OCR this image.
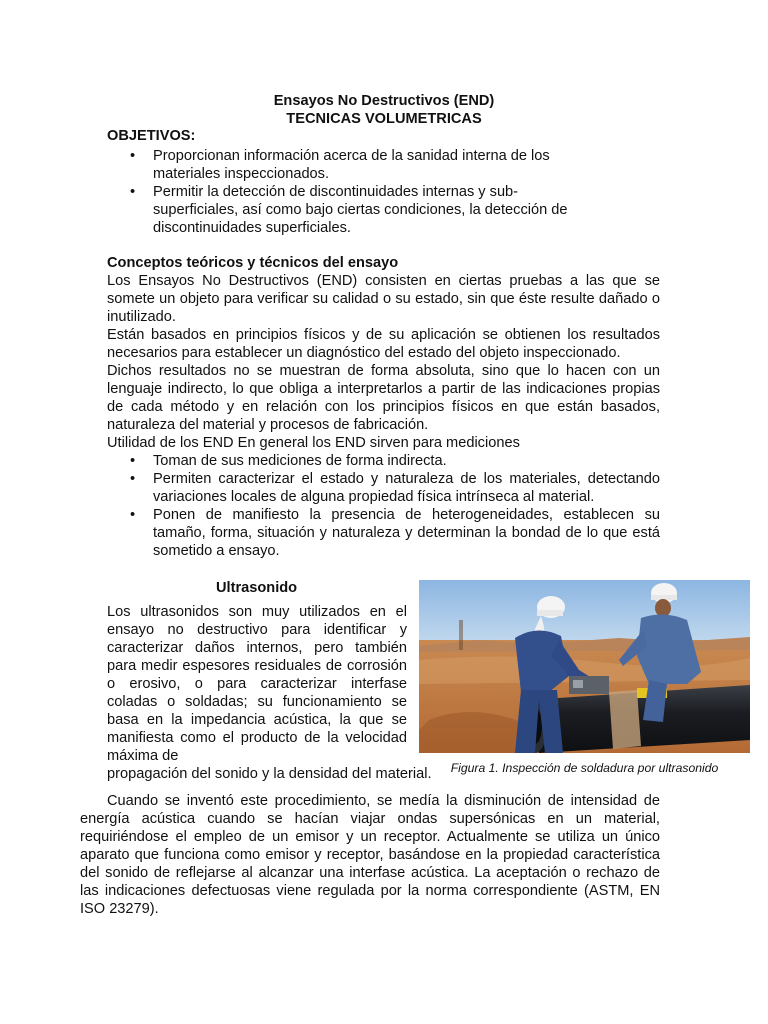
Ensayos No Destructivos (END)
TECNICAS VOLUMETRICAS
OBJETIVOS:
• Proporcionan información acerca de la sanidad interna de los materiales inspeccionados.
• Permitir la detección de discontinuidades internas y sub-superficiales, así como bajo ciertas condiciones, la detección de discontinuidades superficiales.
Conceptos teóricos y técnicos del ensayo
Los Ensayos No Destructivos (END) consisten en ciertas pruebas a las que se somete un objeto para verificar su calidad o su estado, sin que éste resulte dañado o inutilizado.
Están basados en principios físicos y de su aplicación se obtienen los resultados necesarios para establecer un diagnóstico del estado del objeto inspeccionado.
Dichos resultados no se muestran de forma absoluta, sino que lo hacen con un lenguaje indirecto, lo que obliga a interpretarlos a partir de las indicaciones propias de cada método y en relación con los principios físicos en que están basados, naturaleza del material y procesos de fabricación.
Utilidad de los END En general los END sirven para mediciones
• Toman de sus mediciones de forma indirecta.
• Permiten caracterizar el estado y naturaleza de los materiales, detectando variaciones locales de alguna propiedad física intrínseca al material.
• Ponen de manifiesto la presencia de heterogeneidades, establecen su tamaño, forma, situación y naturaleza y determinan la bondad de lo que está sometido a ensayo.
Ultrasonido
Los ultrasonidos son muy utilizados en el ensayo no destructivo para identificar y caracterizar daños internos, pero también para medir espesores residuales de corrosión o erosivo, o para caracterizar interfase coladas o soldadas; su funcionamiento se basa en la impedancia acústica, la que se manifiesta como el producto de la velocidad máxima de
propagación del sonido y la densidad del material.	Figura 1. Inspección de soldadura por ultrasonido
Cuando se inventó este procedimiento, se medía la disminución de intensidad de energía acústica cuando se hacían viajar ondas supersónicas en un material, requiriéndose el empleo de un emisor y un receptor. Actualmente se utiliza un único aparato que funciona como emisor y receptor, basándose en la propiedad característica del sonido de reflejarse al alcanzar una interfase acústica. La aceptación o rechazo de las indicaciones defectuosas viene regulada por la norma correspondiente (ASTM, EN ISO 23279).
